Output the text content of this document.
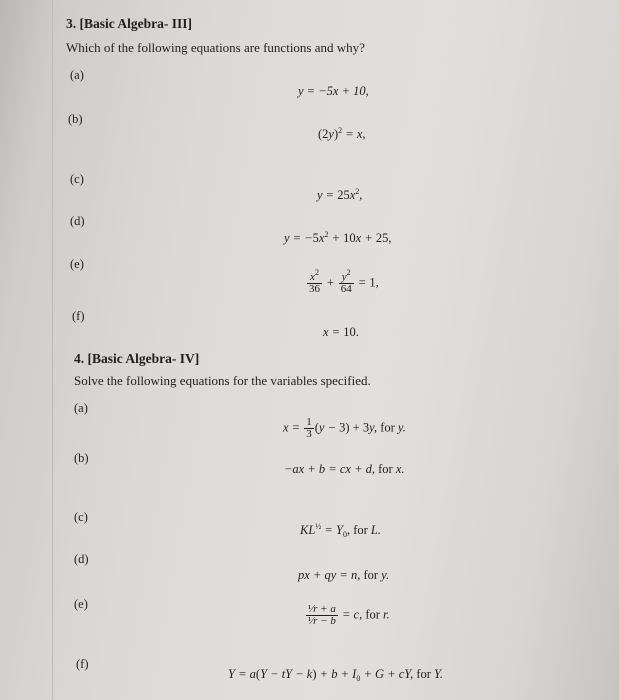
3. [Basic Algebra- III]
Which of the following equations are functions and why?
(a)
y = −5x + 10,
(b)
$(2y)^2 = x$,
(c)
$y = 25x^2$,
(d)
$y = -5x^2 + 10x + 25$,
(e)
$\frac{x^2}{36} + \frac{y^2}{64} = 1$,
(f)
x = 10.
4. [Basic Algebra- IV]
Solve the following equations for the variables specified.
(a)
$x = \frac{1}{3} (y - 3) + 3y$, for y.
(b)
−ax + b = cx + d, for x.
(c)
$KL^{\frac{1}{2}} = Y_0$, for L.
(d)
px + qy = n, for y.
(e)	$\frac{\text{¹⁄r + a}}{\text{¹⁄r − b}} = c$, for r.
(f)
Y = a(Y − tY − $k) + b + I_0 + G$ + cY, for Y.
